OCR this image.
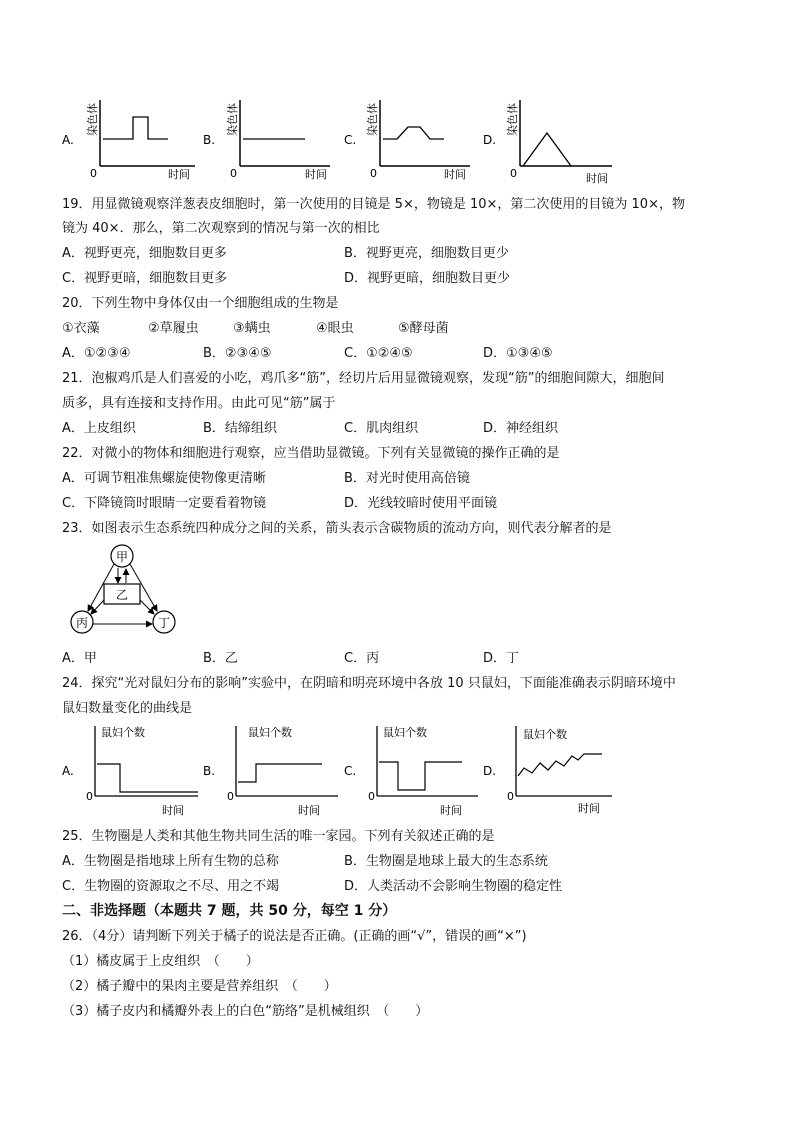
A.
染色体
0	时间
B.
染色体
0	时间
C.
染色体
0	时间
D.
染色体
0	时间
19．用显微镜观察洋葱表皮细胞时，第一次使用的目镜是 5×，物镜是 10×，第二次使用的目镜为 10×，物
镜为 40×．那么，第二次观察到的情况与第一次的相比
A．视野更亮，细胞数目更多	B．视野更亮，细胞数目更少
C．视野更暗，细胞数目更多	D．视野更暗，细胞数目更少
20．下列生物中身体仅由一个细胞组成的生物是
①衣藻	②草履虫	③螨虫	④眼虫	⑤酵母菌
A．①②③④	B．②③④⑤	C．①②④⑤	D．①③④⑤
21．泡椒鸡爪是人们喜爱的小吃，鸡爪多“筋”，经切片后用显微镜观察，发现“筋”的细胞间隙大，细胞间
质多，具有连接和支持作用。由此可见“筋”属于
A．上皮组织	B．结缔组织	C．肌肉组织	D．神经组织
22．对微小的物体和细胞进行观察，应当借助显微镜。下列有关显微镜的操作正确的是
A．可调节粗准焦螺旋使物像更清晰	B．对光时使用高倍镜
C．下降镜筒时眼睛一定要看着物镜	D．光线较暗时使用平面镜
23．如图表示生态系统四种成分之间的关系，箭头表示含碳物质的流动方向，则代表分解者的是
甲
乙
丙	丁
A．甲	B．乙	C．丙	D．丁
24．探究“光对鼠妇分布的影响”实验中，在阴暗和明亮环境中各放 10 只鼠妇，下面能准确表示阴暗环境中
鼠妇数量变化的曲线是
A.
鼠妇个数
0
时间
B.
鼠妇个数
0
时间
C.
鼠妇个数
0
时间
D.
鼠妇个数
0
时间
25．生物圈是人类和其他生物共同生活的唯一家园。下列有关叙述正确的是
A．生物圈是指地球上所有生物的总称	B．生物圈是地球上最大的生态系统
C．生物圈的资源取之不尽、用之不竭	D．人类活动不会影响生物圈的稳定性
二、非选择题（本题共 7 题，共 50 分，每空 1 分）
26．（4分）请判断下列关于橘子的说法是否正确。(正确的画“√”，错误的画“×”)
（1）橘皮属于上皮组织　（　　）
（2）橘子瓣中的果肉主要是营养组织　（　　）
（3）橘子皮内和橘瓣外表上的白色“筋络”是机械组织　（　　）
